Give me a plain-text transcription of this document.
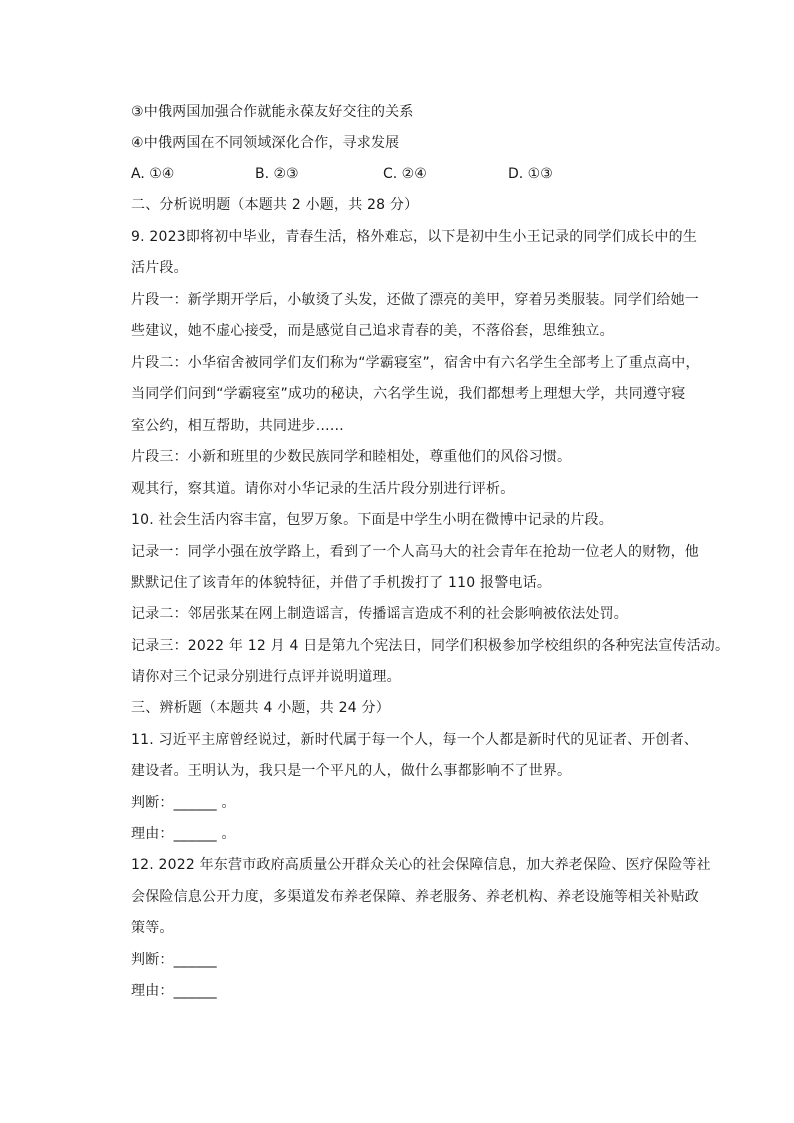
③中俄两国加强合作就能永葆友好交往的关系
④中俄两国在不同领域深化合作，寻求发展
A. ①④	B. ②③	C. ②④	D. ①③
二、分析说明题（本题共 2 小题，共 28 分）
9. 2023即将初中毕业，青春生活，格外难忘，以下是初中生小王记录的同学们成长中的生
活片段。
片段一：新学期开学后，小敏烫了头发，还做了漂亮的美甲，穿着另类服装。同学们给她一
些建议，她不虚心接受，而是感觉自己追求青春的美，不落俗套，思维独立。
片段二：小华宿舍被同学们友们称为“学霸寝室”，宿舍中有六名学生全部考上了重点高中，
当同学们问到“学霸寝室”成功的秘诀，六名学生说，我们都想考上理想大学，共同遵守寝
室公约，相互帮助，共同进步……
片段三：小新和班里的少数民族同学和睦相处，尊重他们的风俗习惯。
观其行，察其道。请你对小华记录的生活片段分别进行评析。
10. 社会生活内容丰富，包罗万象。下面是中学生小明在微博中记录的片段。
记录一：同学小强在放学路上，看到了一个人高马大的社会青年在抢劫一位老人的财物，他
默默记住了该青年的体貌特征，并借了手机拨打了 110 报警电话。
记录二：邻居张某在网上制造谣言，传播谣言造成不利的社会影响被依法处罚。
记录三：2022 年 12 月 4 日是第九个宪法日，同学们积极参加学校组织的各种宪法宣传活动。
请你对三个记录分别进行点评并说明道理。
三、辨析题（本题共 4 小题，共 24 分）
11. 习近平主席曾经说过，新时代属于每一个人，每一个人都是新时代的见证者、开创者、
建设者。王明认为，我只是一个平凡的人，做什么事都影响不了世界。
判断：______ 。
理由：______ 。
12. 2022 年东营市政府高质量公开群众关心的社会保障信息，加大养老保险、医疗保险等社
会保险信息公开力度，多渠道发布养老保障、养老服务、养老机构、养老设施等相关补贴政
策等。
判断：______
理由：______
